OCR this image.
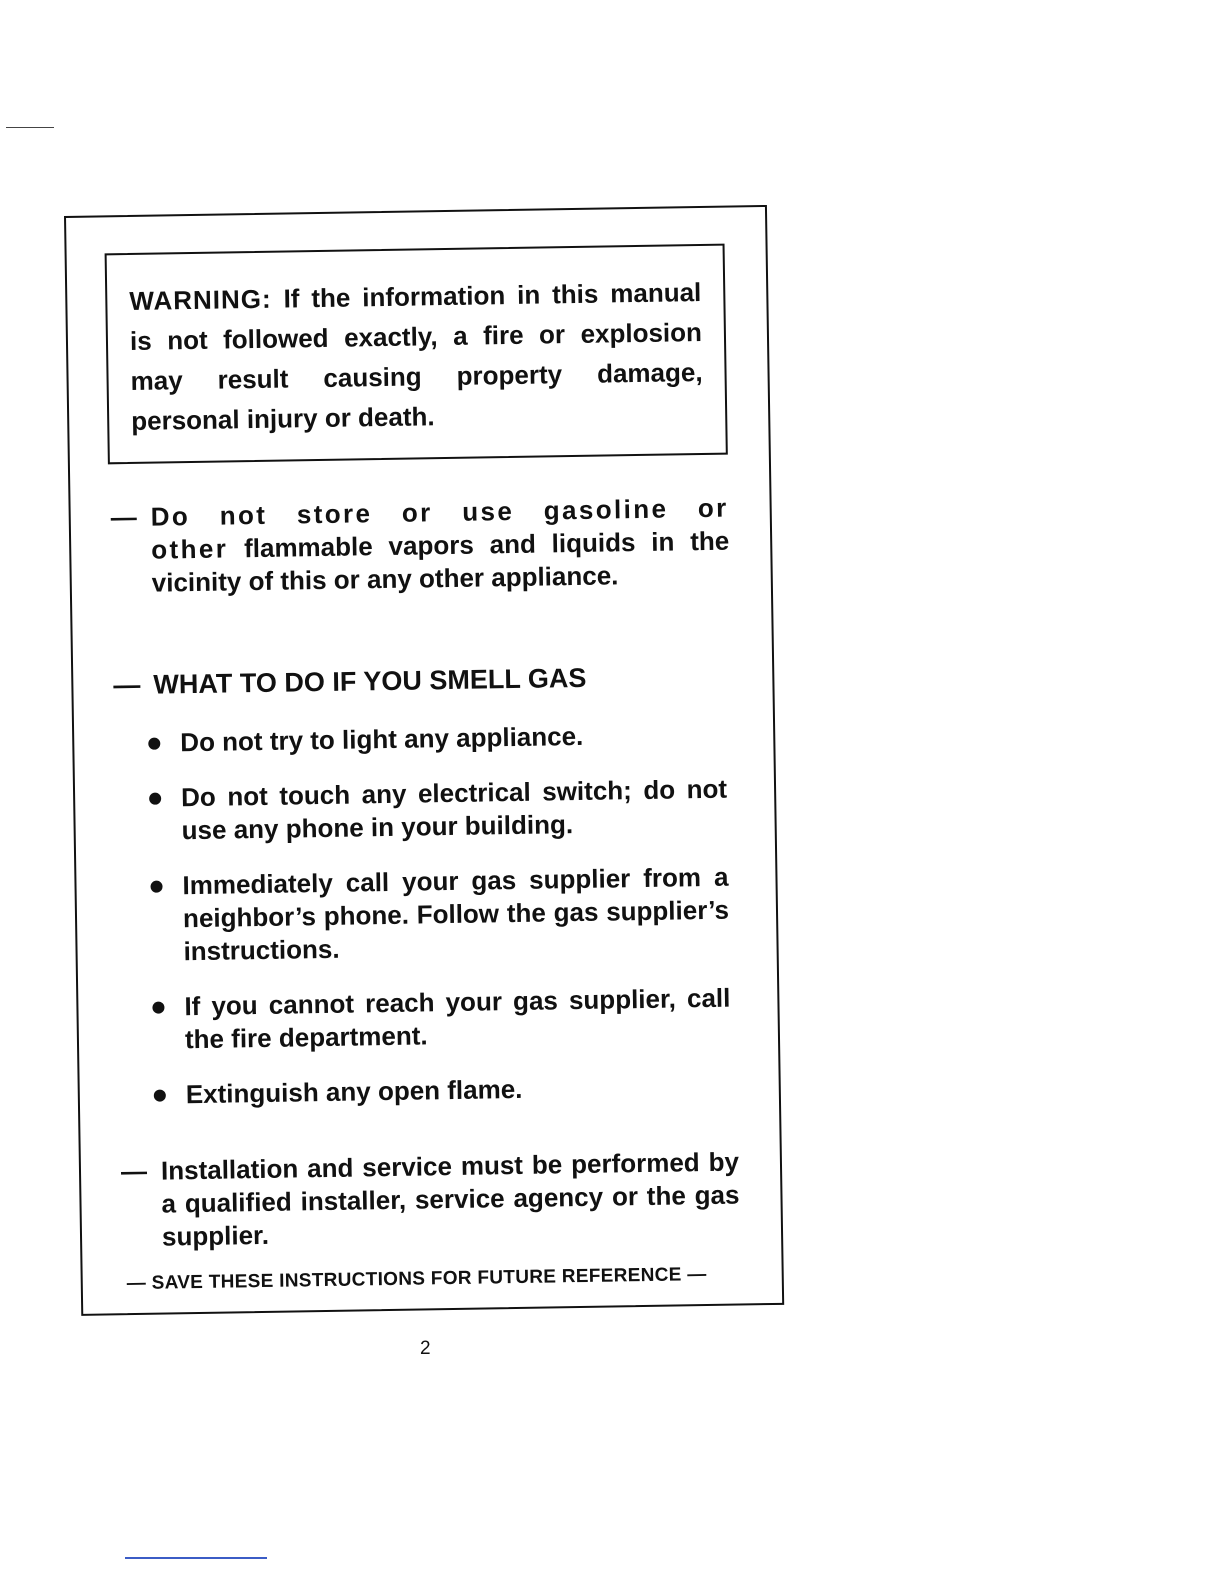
WARNING: If the information in this manual is not followed exactly, a fire or explosion may result causing property damage, personal injury or death.
— Do not store or use gasoline or other flammable vapors and liquids in the vicinity of this or any other appliance.
— WHAT TO DO IF YOU SMELL GAS
Do not try to light any appliance.
Do not touch any electrical switch; do not use any phone in your building.
Immediately call your gas supplier from a neighbor’s phone. Follow the gas supplier’s instructions.
If you cannot reach your gas supplier, call the fire department.
Extinguish any open flame.
— Installation and service must be performed by a qualified installer, service agency or the gas supplier.
— SAVE THESE INSTRUCTIONS FOR FUTURE REFERENCE —
2
